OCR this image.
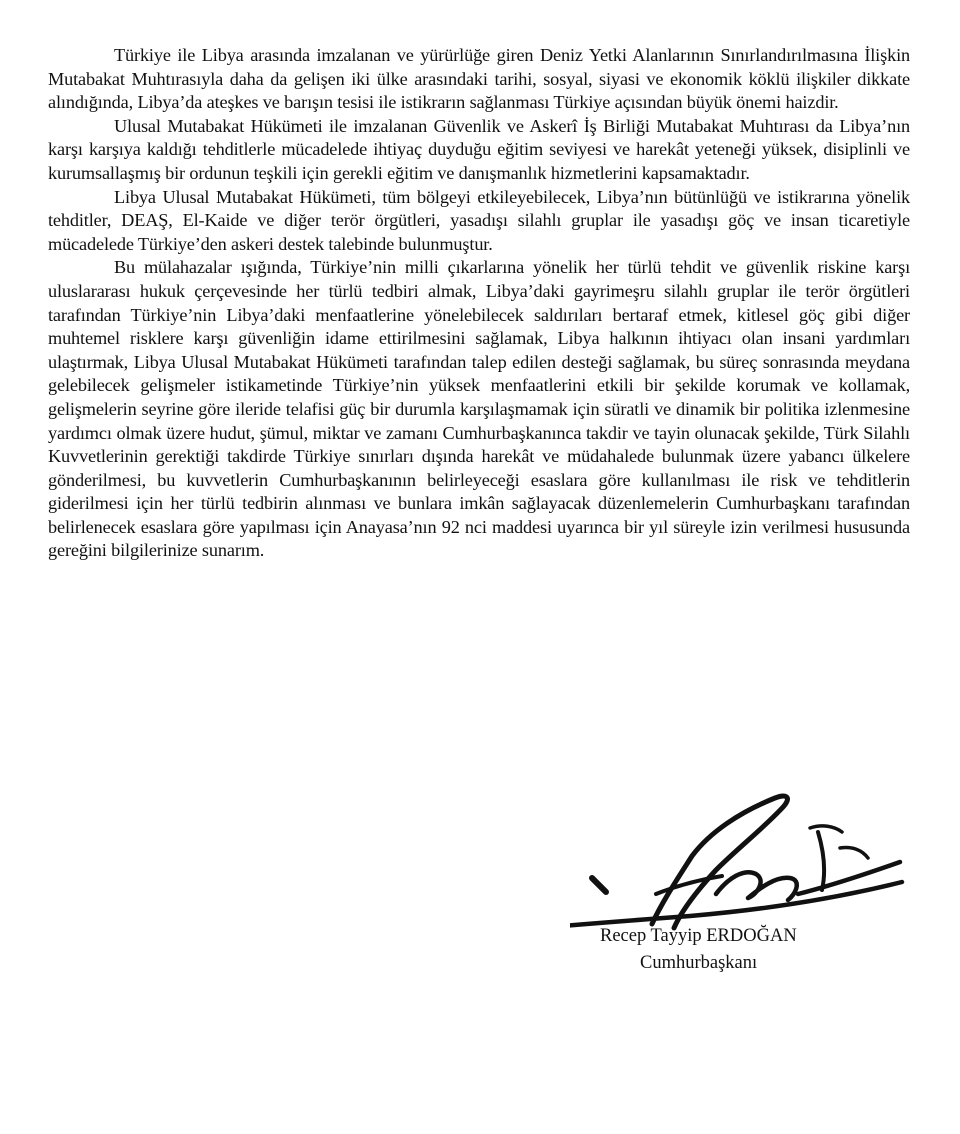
Türkiye ile Libya arasında imzalanan ve yürürlüğe giren Deniz Yetki Alanlarının Sınırlandırılmasına İlişkin Mutabakat Muhtırasıyla daha da gelişen iki ülke arasındaki tarihi, sosyal, siyasi ve ekonomik köklü ilişkiler dikkate alındığında, Libya’da ateşkes ve barışın tesisi ile istikrarın sağlanması Türkiye açısından büyük önemi haizdir.

Ulusal Mutabakat Hükümeti ile imzalanan Güvenlik ve Askerî İş Birliği Mutabakat Muhtırası da Libya’nın karşı karşıya kaldığı tehditlerle mücadelede ihtiyaç duyduğu eğitim seviyesi ve harekât yeteneği yüksek, disiplinli ve kurumsallaşmış bir ordunun teşkili için gerekli eğitim ve danışmanlık hizmetlerini kapsamaktadır.

Libya Ulusal Mutabakat Hükümeti, tüm bölgeyi etkileyebilecek, Libya’nın bütünlüğü ve istikrarına yönelik tehditler, DEAŞ, El-Kaide ve diğer terör örgütleri, yasadışı silahlı gruplar ile yasadışı göç ve insan ticaretiyle mücadelede Türkiye’den askeri destek talebinde bulunmuştur.

Bu mülahazalar ışığında, Türkiye’nin milli çıkarlarına yönelik her türlü tehdit ve güvenlik riskine karşı uluslararası hukuk çerçevesinde her türlü tedbiri almak, Libya’daki gayrimeşru silahlı gruplar ile terör örgütleri tarafından Türkiye’nin Libya’daki menfaatlerine yönelebilecek saldırıları bertaraf etmek, kitlesel göç gibi diğer muhtemel risklere karşı güvenliğin idame ettirilmesini sağlamak, Libya halkının ihtiyacı olan insani yardımları ulaştırmak, Libya Ulusal Mutabakat Hükümeti tarafından talep edilen desteği sağlamak, bu süreç sonrasında meydana gelebilecek gelişmeler istikametinde Türkiye’nin yüksek menfaatlerini etkili bir şekilde korumak ve kollamak, gelişmelerin seyrine göre ileride telafisi güç bir durumla karşılaşmamak için süratli ve dinamik bir politika izlenmesine yardımcı olmak üzere hudut, şümul, miktar ve zamanı Cumhurbaşkanınca takdir ve tayin olunacak şekilde, Türk Silahlı Kuvvetlerinin gerektiği takdirde Türkiye sınırları dışında harekât ve müdahalede bulunmak üzere yabancı ülkelere gönderilmesi, bu kuvvetlerin Cumhurbaşkanının belirleyeceği esaslara göre kullanılması ile risk ve tehditlerin giderilmesi için her türlü tedbirin alınması ve bunlara imkân sağlayacak düzenlemelerin Cumhurbaşkanı tarafından belirlenecek esaslara göre yapılması için Anayasa’nın 92 nci maddesi uyarınca bir yıl süreyle izin verilmesi hususunda gereğini bilgilerinize sunarım.

Recep Tayyip ERDOĞAN
Cumhurbaşkanı
